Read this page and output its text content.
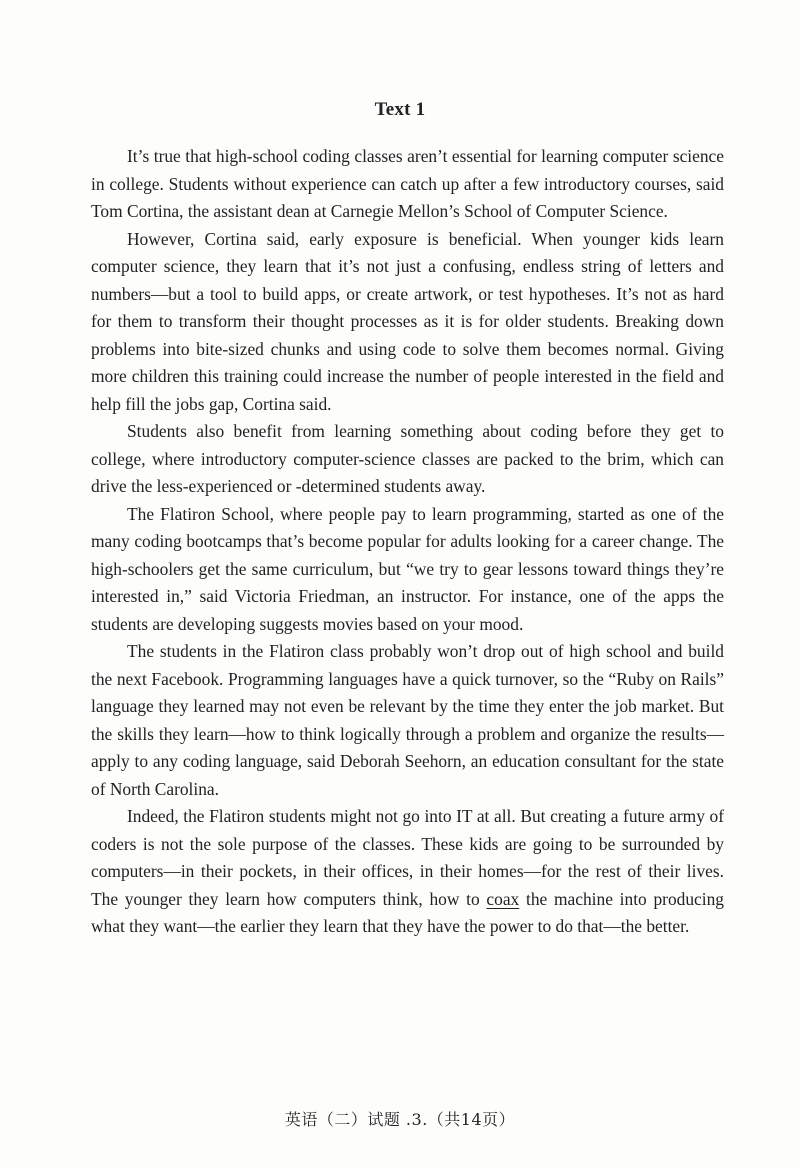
Text 1

It’s true that high-school coding classes aren’t essential for learning computer science in college. Students without experience can catch up after a few introductory courses, said Tom Cortina, the assistant dean at Carnegie Mellon’s School of Computer Science.

However, Cortina said, early exposure is beneficial. When younger kids learn computer science, they learn that it’s not just a confusing, endless string of letters and numbers—but a tool to build apps, or create artwork, or test hypotheses. It’s not as hard for them to transform their thought processes as it is for older students. Breaking down problems into bite-sized chunks and using code to solve them becomes normal. Giving more children this training could increase the number of people interested in the field and help fill the jobs gap, Cortina said.

Students also benefit from learning something about coding before they get to college, where introductory computer-science classes are packed to the brim, which can drive the less-experienced or -determined students away.

The Flatiron School, where people pay to learn programming, started as one of the many coding bootcamps that’s become popular for adults looking for a career change. The high-schoolers get the same curriculum, but “we try to gear lessons toward things they’re interested in,” said Victoria Friedman, an instructor. For instance, one of the apps the students are developing suggests movies based on your mood.

The students in the Flatiron class probably won’t drop out of high school and build the next Facebook. Programming languages have a quick turnover, so the “Ruby on Rails” language they learned may not even be relevant by the time they enter the job market. But the skills they learn—how to think logically through a problem and organize the results—apply to any coding language, said Deborah Seehorn, an education consultant for the state of North Carolina.

Indeed, the Flatiron students might not go into IT at all. But creating a future army of coders is not the sole purpose of the classes. These kids are going to be surrounded by computers—in their pockets, in their offices, in their homes—for the rest of their lives. The younger they learn how computers think, how to coax the machine into producing what they want—the earlier they learn that they have the power to do that—the better.

英语（二）试题 .3.（共14页）
